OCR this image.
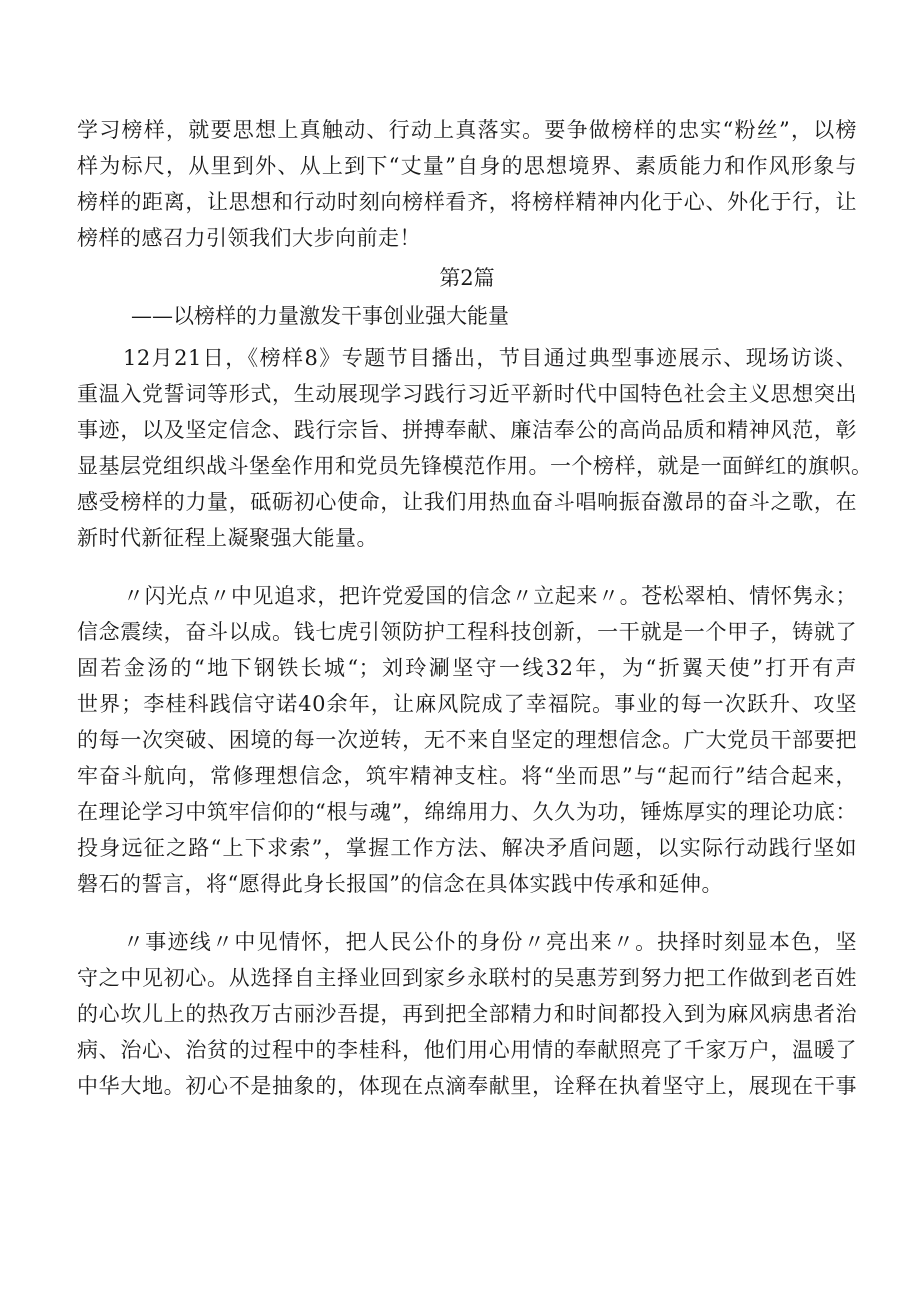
学习榜样，就要思想上真触动、行动上真落实。要争做榜样的忠实“粉丝”，以榜
样为标尺，从里到外、从上到下“丈量”自身的思想境界、素质能力和作风形象与
榜样的距离，让思想和行动时刻向榜样看齐，将榜样精神内化于心、外化于行，让
榜样的感召力引领我们大步向前走！
第2篇
——以榜样的力量激发干事创业强大能量
12月21日，《榜样8》专题节目播出，节目通过典型事迹展示、现场访谈、
重温入党誓词等形式，生动展现学习践行习近平新时代中国特色社会主义思想突出
事迹，以及坚定信念、践行宗旨、拼搏奉献、廉洁奉公的高尚品质和精神风范，彰
显基层党组织战斗堡垒作用和党员先锋模范作用。一个榜样，就是一面鲜红的旗帜。
感受榜样的力量，砥砺初心使命，让我们用热血奋斗唱响振奋激昂的奋斗之歌，在
新时代新征程上凝聚强大能量。
〃闪光点〃中见追求，把许党爱国的信念〃立起来〃。苍松翠柏、情怀隽永；
信念震续，奋斗以成。钱七虎引领防护工程科技创新，一干就是一个甲子，铸就了
固若金汤的“地下钢铁长城“；刘玲涮坚守一线32年，为“折翼天使”打开有声
世界；李桂科践信守诺40余年，让麻风院成了幸福院。事业的每一次跃升、攻坚
的每一次突破、困境的每一次逆转，无不来自坚定的理想信念。广大党员干部要把
牢奋斗航向，常修理想信念，筑牢精神支柱。将“坐而思”与“起而行”结合起来，
在理论学习中筑牢信仰的“根与魂”，绵绵用力、久久为功，锤炼厚实的理论功底：
投身远征之路“上下求索”，掌握工作方法、解决矛盾问题，以实际行动践行坚如
磐石的誓言，将“愿得此身长报国”的信念在具体实践中传承和延伸。
〃事迹线〃中见情怀，把人民公仆的身份〃亮出来〃。抉择时刻显本色，坚
守之中见初心。从选择自主择业回到家乡永联村的吴惠芳到努力把工作做到老百姓
的心坎儿上的热孜万古丽沙吾提，再到把全部精力和时间都投入到为麻风病患者治
病、治心、治贫的过程中的李桂科，他们用心用情的奉献照亮了千家万户，温暖了
中华大地。初心不是抽象的，体现在点滴奉献里，诠释在执着坚守上，展现在干事
